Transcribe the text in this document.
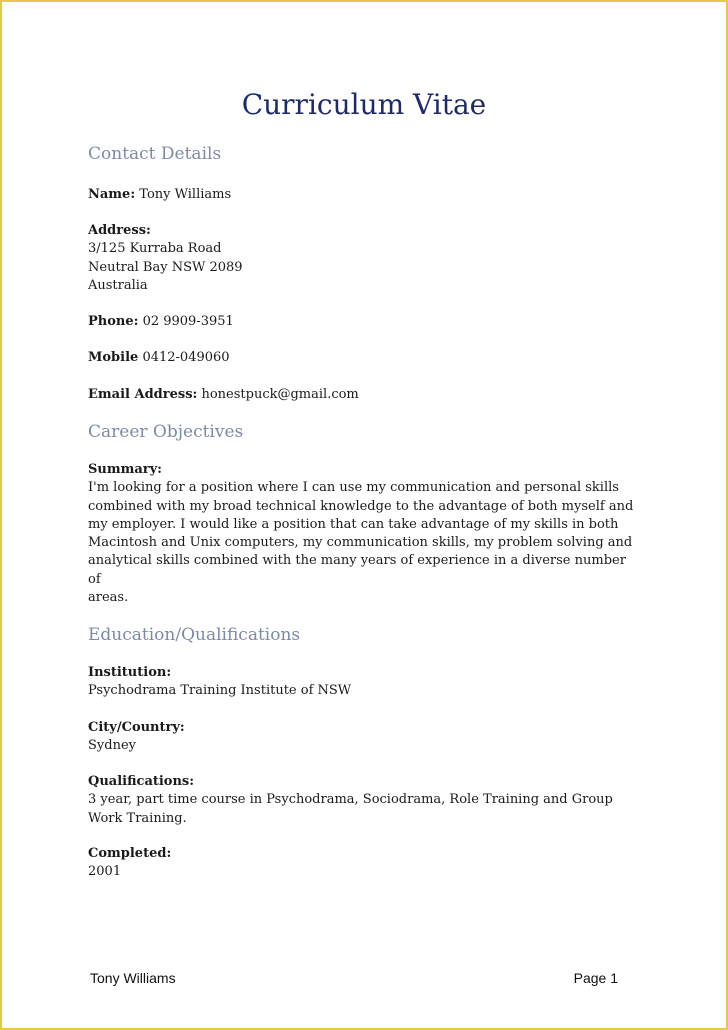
Curriculum Vitae
Contact Details
Name: Tony Williams
Address:
3/125 Kurraba Road
Neutral Bay NSW 2089
Australia
Phone: 02 9909-3951
Mobile 0412-049060
Email Address: honestpuck@gmail.com
Career Objectives
Summary:
I'm looking for a position where I can use my communication and personal skills
combined with my broad technical knowledge to the advantage of both myself and
my employer. I would like a position that can take advantage of my skills in both
Macintosh and Unix computers, my communication skills, my problem solving and
analytical skills combined with the many years of experience in a diverse number of
areas.
Education/Qualifications
Institution:
Psychodrama Training Institute of NSW
City/Country:
Sydney
Qualifications:
3 year, part time course in Psychodrama, Sociodrama, Role Training and Group
Work Training.
Completed:
2001
Tony Williams	Page 1
